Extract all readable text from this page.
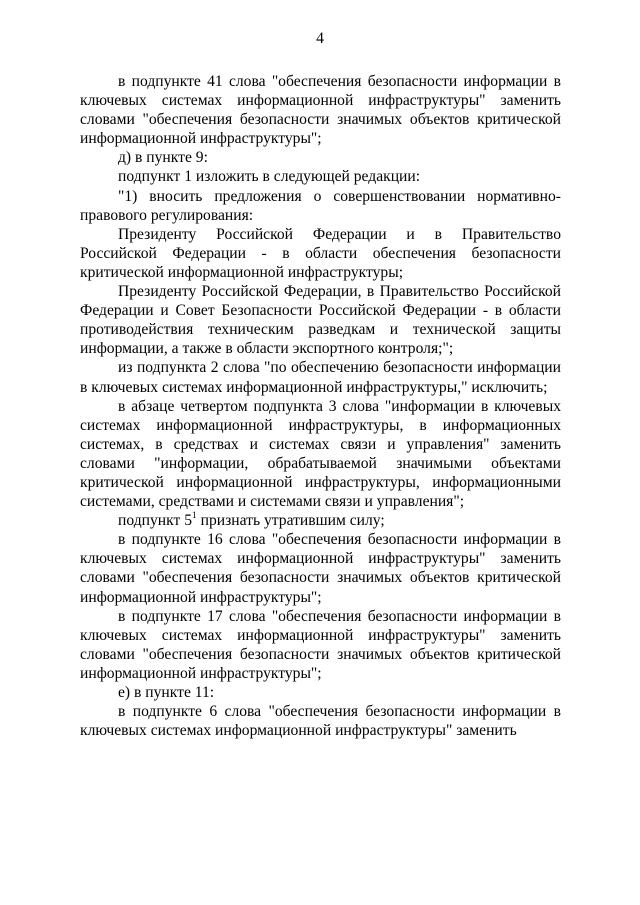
4

в подпункте 41 слова "обеспечения безопасности информации в ключевых системах информационной инфраструктуры" заменить словами "обеспечения безопасности значимых объектов критической информационной инфраструктуры";

д) в пункте 9:

подпункт 1 изложить в следующей редакции:

"1) вносить предложения о совершенствовании нормативно-правового регулирования:

Президенту Российской Федерации и в Правительство Российской Федерации - в области обеспечения безопасности критической информационной инфраструктуры;

Президенту Российской Федерации, в Правительство Российской Федерации и Совет Безопасности Российской Федерации - в области противодействия техническим разведкам и технической защиты информации, а также в области экспортного контроля;";

из подпункта 2 слова "по обеспечению безопасности информации в ключевых системах информационной инфраструктуры," исключить;

в абзаце четвертом подпункта 3 слова "информации в ключевых системах информационной инфраструктуры, в информационных системах, в средствах и системах связи и управления" заменить словами "информации, обрабатываемой значимыми объектами критической информационной инфраструктуры, информационными системами, средствами и системами связи и управления";

подпункт $5^1$ признать утратившим силу;

в подпункте 16 слова "обеспечения безопасности информации в ключевых системах информационной инфраструктуры" заменить словами "обеспечения безопасности значимых объектов критической информационной инфраструктуры";

в подпункте 17 слова "обеспечения безопасности информации в ключевых системах информационной инфраструктуры" заменить словами "обеспечения безопасности значимых объектов критической информационной инфраструктуры";

е) в пункте 11:

в подпункте 6 слова "обеспечения безопасности информации в ключевых системах информационной инфраструктуры" заменить
